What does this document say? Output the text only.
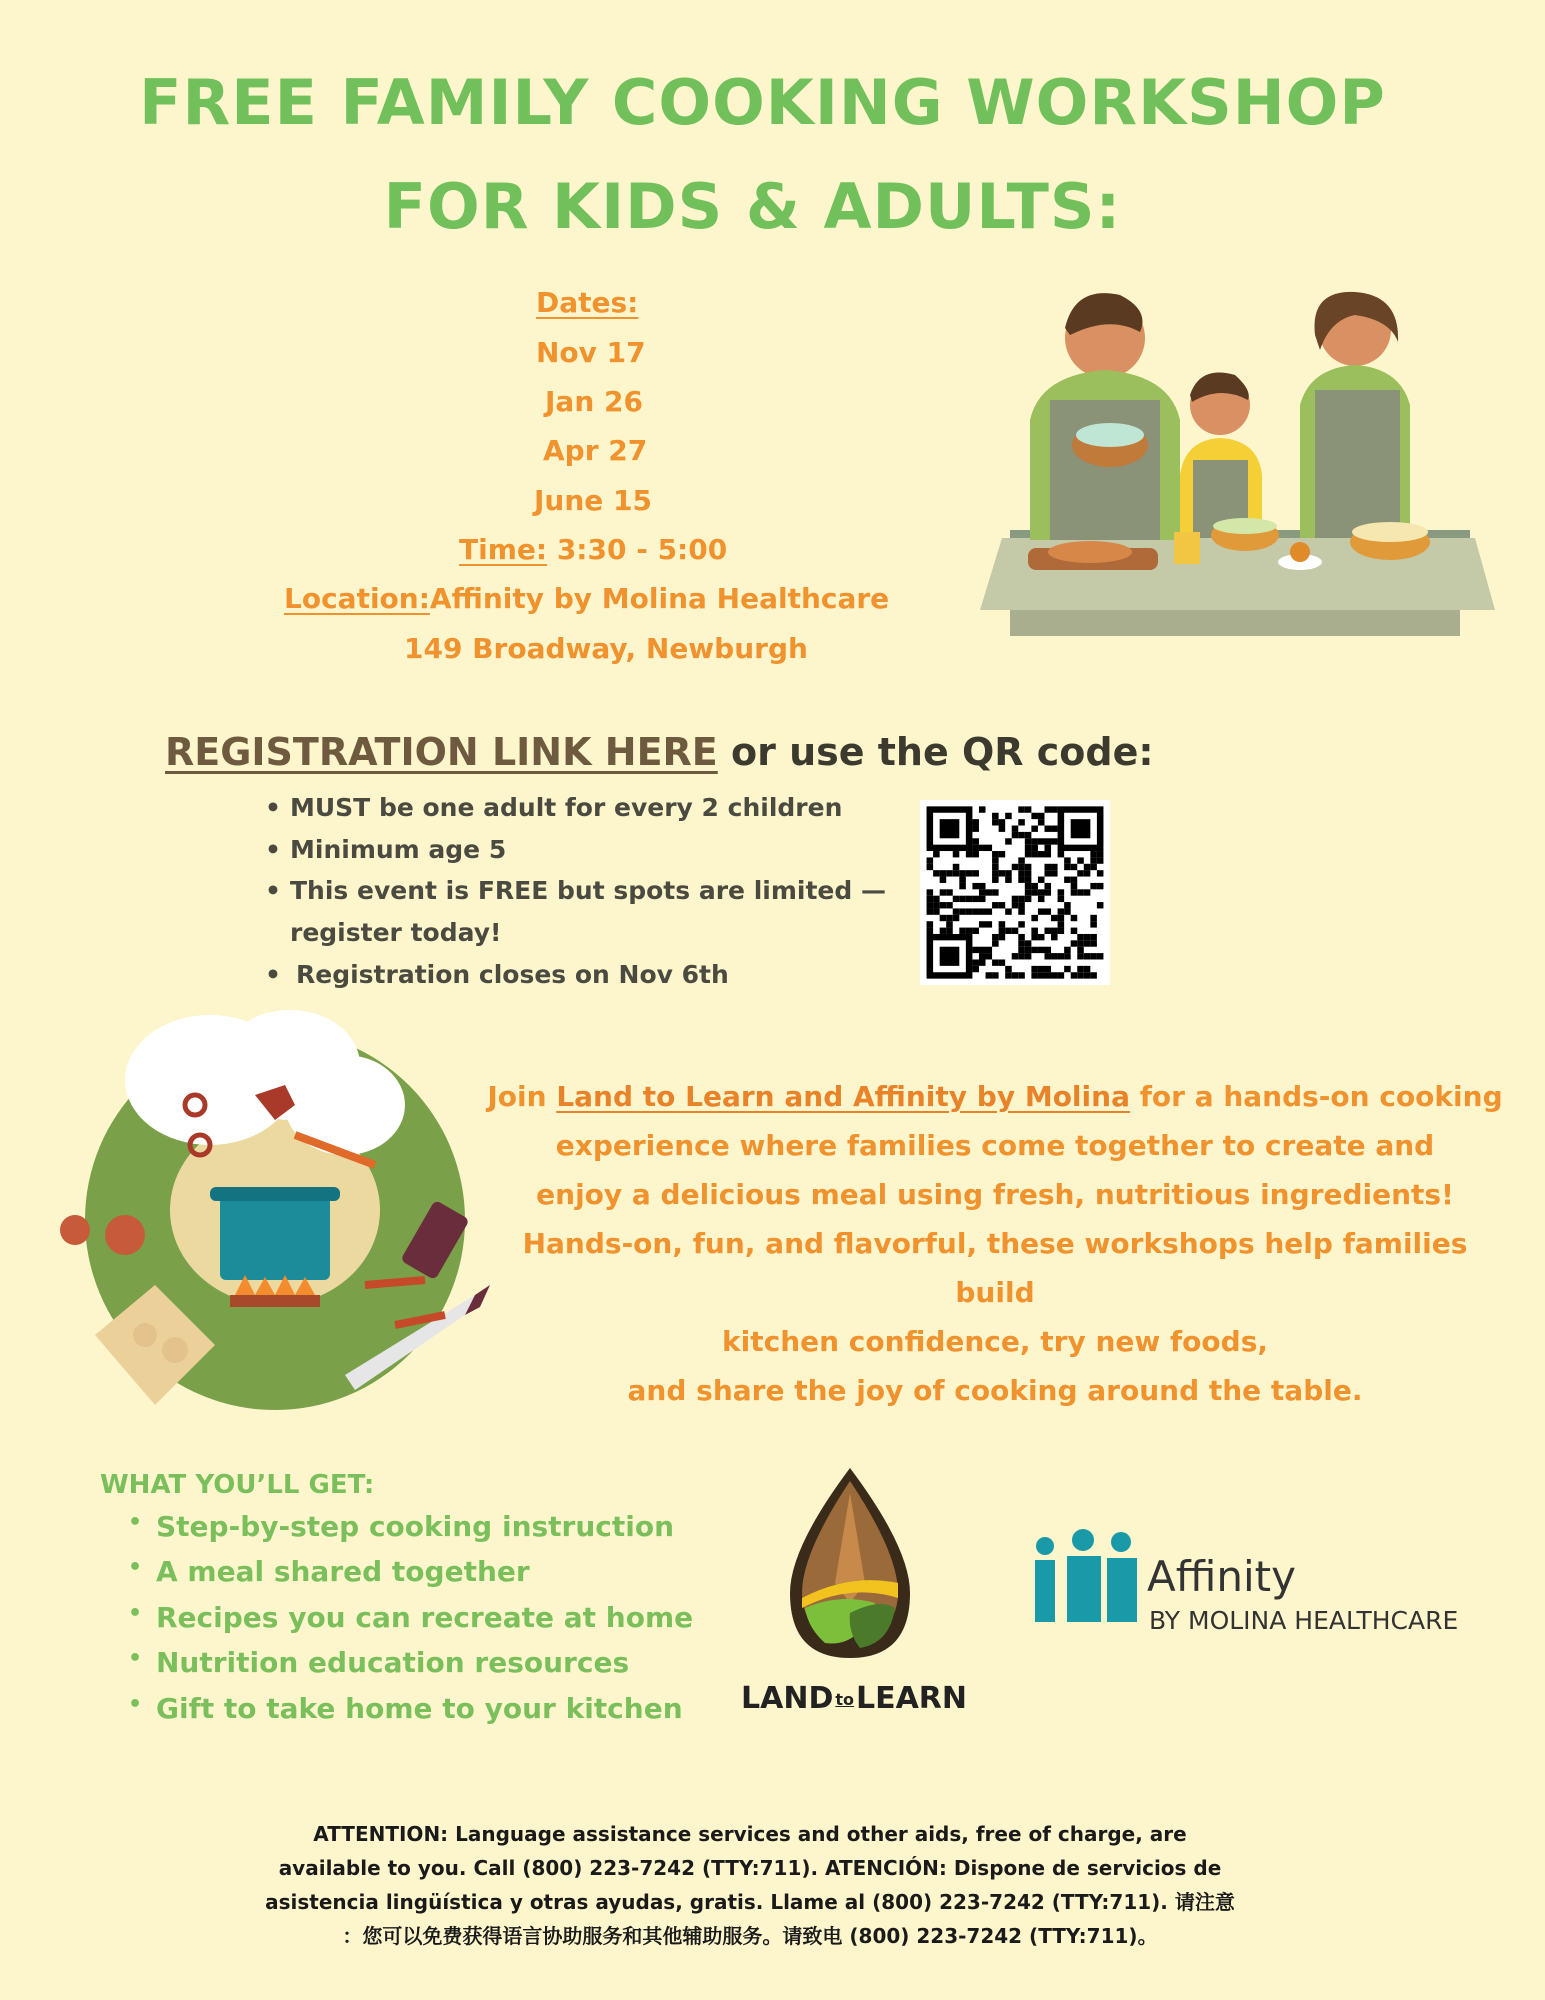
FREE FAMILY COOKING WORKSHOP
FOR KIDS & ADULTS:
Dates:
Nov 17
Jan 26
Apr 27
June 15
Time: 3:30 - 5:00
Location:Affinity by Molina Healthcare
149 Broadway, Newburgh
REGISTRATION LINK HERE or use the QR code:
• MUST be one adult for every 2 children
• Minimum age 5
• This event is FREE but spots are limited —
register today!
• Registration closes on Nov 6th
Join Land to Learn and Affinity by Molina for a hands-on cooking
experience where families come together to create and
enjoy a delicious meal using fresh, nutritious ingredients!
Hands-on, fun, and flavorful, these workshops help families build
kitchen confidence, try new foods,
and share the joy of cooking around the table.
WHAT YOU’LL GET:
• Step-by-step cooking instruction
• A meal shared together
• Recipes you can recreate at home
• Nutrition education resources
• Gift to take home to your kitchen LAND toLEARN
Affinity
BY MOLINA HEALTHCARE
ATTENTION: Language assistance services and other aids, free of charge, are
available to you. Call (800) 223-7242 (TTY:711). ATENCIÓN: Dispone de servicios de
asistencia lingüística y otras ayudas, gratis. Llame al (800) 223-7242 (TTY:711). 请注意
：您可以免费获得语言协助服务和其他辅助服务。请致电 (800) 223-7242 (TTY:711)。
